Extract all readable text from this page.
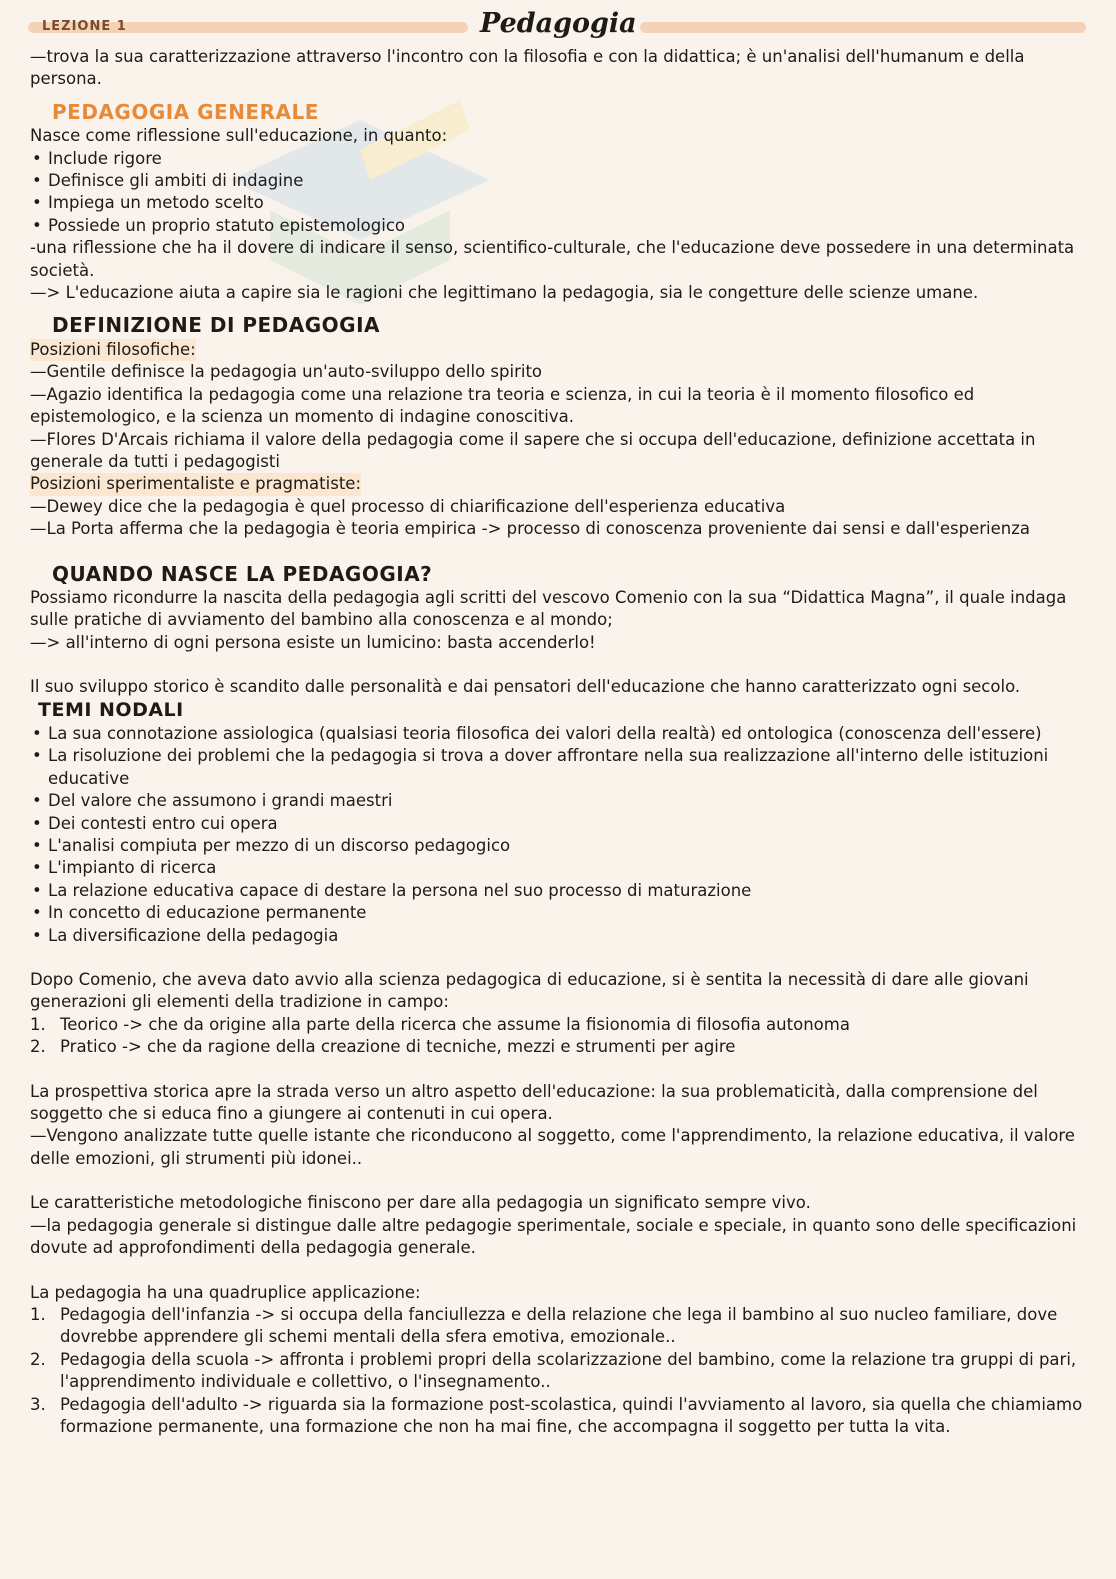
LEZIONE 1	Pedagogia

—trova la sua caratterizzazione attraverso l'incontro con la filosofia e con la didattica; è un'analisi dell'humanum e della persona.

PEDAGOGIA GENERALE

Nasce come riflessione sull'educazione, in quanto:

• Include rigore
• Definisce gli ambiti di indagine
• Impiega un metodo scelto
• Possiede un proprio statuto epistemologico

-una riflessione che ha il dovere di indicare il senso, scientifico-culturale, che l'educazione deve possedere in una determinata società.

—> L'educazione aiuta a capire sia le ragioni che legittimano la pedagogia, sia le congetture delle scienze umane.

DEFINIZIONE DI PEDAGOGIA

Posizioni filosofiche:

—Gentile definisce la pedagogia un'auto-sviluppo dello spirito

—Agazio identifica la pedagogia come una relazione tra teoria e scienza, in cui la teoria è il momento filosofico ed epistemologico, e la scienza un momento di indagine conoscitiva.

—Flores D'Arcais richiama il valore della pedagogia come il sapere che si occupa dell'educazione, definizione accettata in generale da tutti i pedagogisti

Posizioni sperimentaliste e pragmatiste:

—Dewey dice che la pedagogia è quel processo di chiarificazione dell'esperienza educativa

—La Porta afferma che la pedagogia è teoria empirica -> processo di conoscenza proveniente dai sensi e dall'esperienza

QUANDO NASCE LA PEDAGOGIA?

Possiamo ricondurre la nascita della pedagogia agli scritti del vescovo Comenio con la sua “Didattica Magna”, il quale indaga sulle pratiche di avviamento del bambino alla conoscenza e al mondo;

—> all'interno di ogni persona esiste un lumicino: basta accenderlo!

Il suo sviluppo storico è scandito dalle personalità e dai pensatori dell'educazione che hanno caratterizzato ogni secolo.

TEMI NODALI
• La sua connotazione assiologica (qualsiasi teoria filosofica dei valori della realtà) ed ontologica (conoscenza dell'essere)
• La risoluzione dei problemi che la pedagogia si trova a dover affrontare nella sua realizzazione all'interno delle istituzioni educative
• Del valore che assumono i grandi maestri
• Dei contesti entro cui opera
• L'analisi compiuta per mezzo di un discorso pedagogico
• L'impianto di ricerca
• La relazione educativa capace di destare la persona nel suo processo di maturazione
• In concetto di educazione permanente
• La diversificazione della pedagogia

Dopo Comenio, che aveva dato avvio alla scienza pedagogica di educazione, si è sentita la necessità di dare alle giovani generazioni gli elementi della tradizione in campo:

1. Teorico -> che da origine alla parte della ricerca che assume la fisionomia di filosofia autonoma
2. Pratico -> che da ragione della creazione di tecniche, mezzi e strumenti per agire

La prospettiva storica apre la strada verso un altro aspetto dell'educazione: la sua problematicità, dalla comprensione del soggetto che si educa fino a giungere ai contenuti in cui opera.

—Vengono analizzate tutte quelle istante che riconducono al soggetto, come l'apprendimento, la relazione educativa, il valore delle emozioni, gli strumenti più idonei..

Le caratteristiche metodologiche finiscono per dare alla pedagogia un significato sempre vivo.

—la pedagogia generale si distingue dalle altre pedagogie sperimentale, sociale e speciale, in quanto sono delle specificazioni dovute ad approfondimenti della pedagogia generale.

La pedagogia ha una quadruplice applicazione:

1. Pedagogia dell'infanzia -> si occupa della fanciullezza e della relazione che lega il bambino al suo nucleo familiare, dove dovrebbe apprendere gli schemi mentali della sfera emotiva, emozionale..
2. Pedagogia della scuola -> affronta i problemi propri della scolarizzazione del bambino, come la relazione tra gruppi di pari, l'apprendimento individuale e collettivo, o l'insegnamento..
3. Pedagogia dell'adulto -> riguarda sia la formazione post-scolastica, quindi l'avviamento al lavoro, sia quella che chiamiamo formazione permanente, una formazione che non ha mai fine, che accompagna il soggetto per tutta la vita.
